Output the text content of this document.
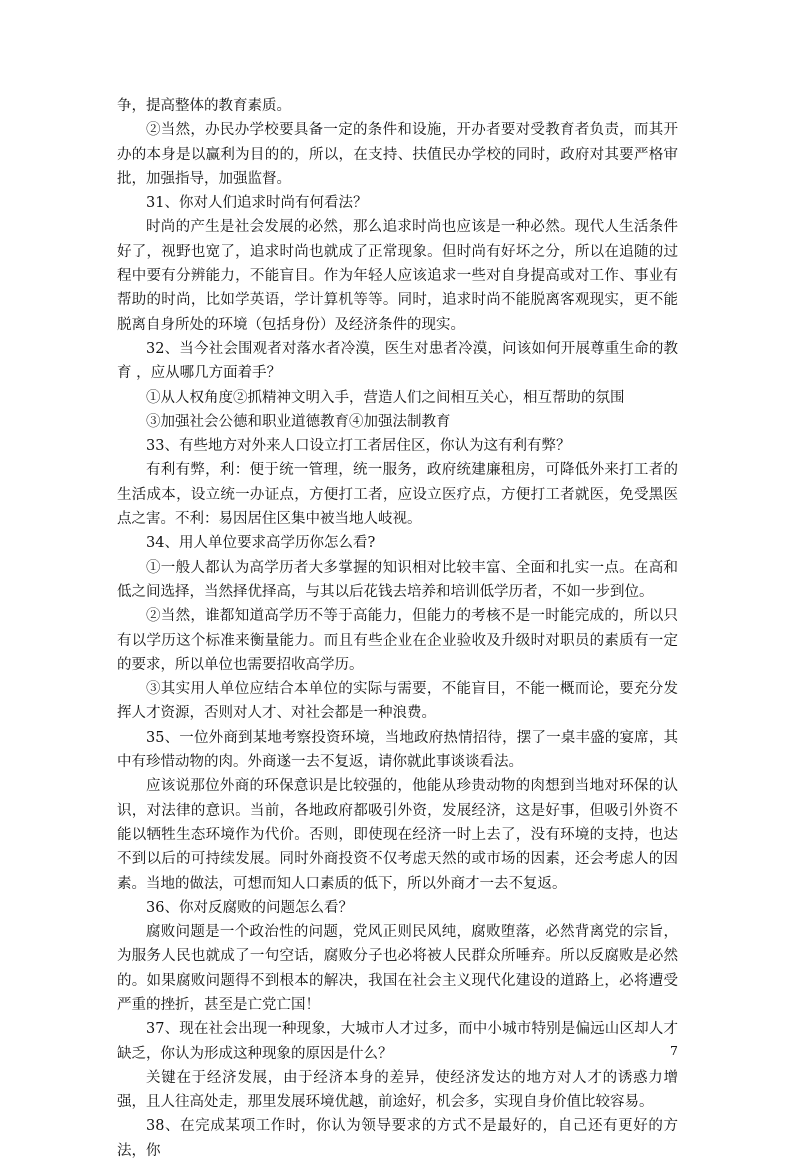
争，提高整体的教育素质。

②当然，办民办学校要具备一定的条件和设施，开办者要对受教育者负责，而其开办的本身是以赢利为目的的，所以，在支持、扶值民办学校的同时，政府对其要严格审批，加强指导，加强监督。

31、你对人们追求时尚有何看法？

时尚的产生是社会发展的必然，那么追求时尚也应该是一种必然。现代人生活条件好了，视野也宽了，追求时尚也就成了正常现象。但时尚有好坏之分，所以在追随的过程中要有分辨能力，不能盲目。作为年轻人应该追求一些对自身提高或对工作、事业有帮助的时尚，比如学英语，学计算机等等。同时，追求时尚不能脱离客观现实，更不能脱离自身所处的环境（包括身份）及经济条件的现实。

32、当今社会围观者对落水者冷漠，医生对患者冷漠，问该如何开展尊重生命的教育 ，应从哪几方面着手？

①从人权角度②抓精神文明入手，营造人们之间相互关心，相互帮助的氛围

③加强社会公德和职业道德教育④加强法制教育

33、有些地方对外来人口设立打工者居住区，你认为这有利有弊？

有利有弊，利：便于统一管理，统一服务，政府统建廉租房，可降低外来打工者的生活成本，设立统一办证点，方便打工者，应设立医疗点，方便打工者就医，免受黑医点之害。不利：易因居住区集中被当地人岐视。

34、用人单位要求高学历你怎么看?

①一般人都认为高学历者大多掌握的知识相对比较丰富、全面和扎实一点。在高和低之间选择，当然择优择高，与其以后花钱去培养和培训低学历者，不如一步到位。

②当然，谁都知道高学历不等于高能力，但能力的考核不是一时能完成的，所以只有以学历这个标准来衡量能力。而且有些企业在企业验收及升级时对职员的素质有一定的要求，所以单位也需要招收高学历。

③其实用人单位应结合本单位的实际与需要，不能盲目，不能一概而论，要充分发挥人才资源，否则对人才、对社会都是一种浪费。

35、一位外商到某地考察投资环境，当地政府热情招待，摆了一桌丰盛的宴席，其中有珍惜动物的肉。外商遂一去不复返，请你就此事谈谈看法。

应该说那位外商的环保意识是比较强的，他能从珍贵动物的肉想到当地对环保的认识，对法律的意识。当前，各地政府都吸引外资，发展经济，这是好事，但吸引外资不能以牺牲生态环境作为代价。否则，即使现在经济一时上去了，没有环境的支持，也达不到以后的可持续发展。同时外商投资不仅考虑天然的或市场的因素，还会考虑人的因素。当地的做法，可想而知人口素质的低下，所以外商才一去不复返。

36、你对反腐败的问题怎么看？

腐败问题是一个政治性的问题，党风正则民风纯，腐败堕落，必然背离党的宗旨，为服务人民也就成了一句空话，腐败分子也必将被人民群众所唾弃。所以反腐败是必然的。如果腐败问题得不到根本的解决，我国在社会主义现代化建设的道路上，必将遭受严重的挫折，甚至是亡党亡国！

37、现在社会出现一种现象，大城市人才过多，而中小城市特别是偏远山区却人才缺乏，你认为形成这种现象的原因是什么？

关键在于经济发展，由于经济本身的差异，使经济发达的地方对人才的诱惑力增强，且人往高处走，那里发展环境优越，前途好，机会多，实现自身价值比较容易。

38、在完成某项工作时，你认为领导要求的方式不是最好的，自己还有更好的方法，你

7
